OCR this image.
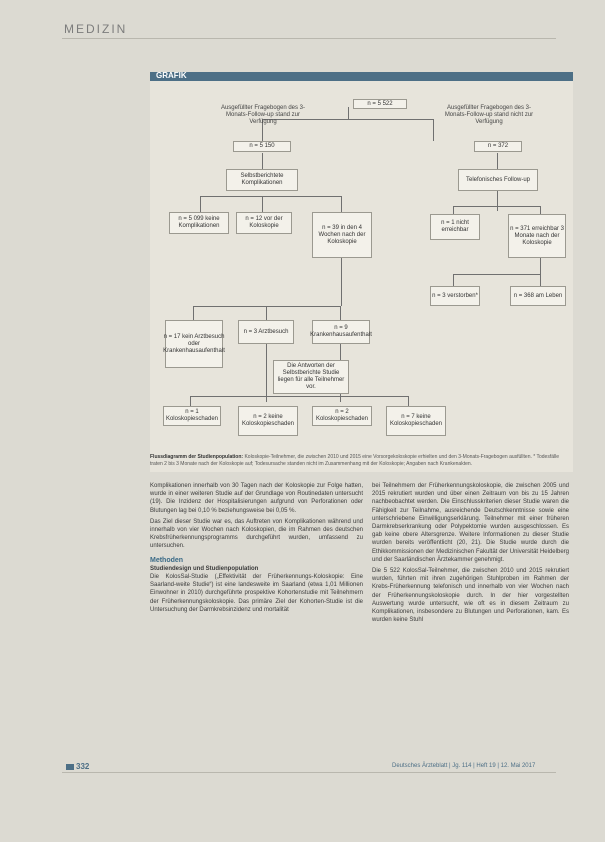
MEDIZIN
GRAFIK
n = 5 522
Ausgefüllter Fragebogen des 3-Monats-Follow-up stand zur Verfügung
Ausgefüllter Fragebogen des 3-Monats-Follow-up stand nicht zur Verfügung
n = 5 150	n = 372
Selbstberichtete Komplikationen
Telefonisches Follow-up
n = 5 099 keine Komplikationen
n = 12 vor der Koloskopie	n = 39 in den 4 Wochen nach der Koloskopie
n = 1 nicht erreichbar	n = 371 erreichbar 3 Monate nach der Koloskopie
n = 3 verstorben*	n = 368 am Leben
n = 17 kein Arztbesuch oder Krankenhausaufenthalt
n = 3 Arztbesuch
n = 9 Krankenhausaufenthalt
Die Antworten der Selbstberichte Studie liegen für alle Teilnehmer vor.
n = 1 Koloskopieschaden	n = 2 keine Koloskopieschaden
n = 2 Koloskopieschaden	n = 7 keine Koloskopieschaden
Flussdiagramm der Studienpopulation: Koloskopie-Teilnehmer, die zwischen 2010 und 2015 eine Vorsorgekoloskopie erhielten und den 3-Monats-Fragebogen ausfüllten. * Todesfälle traten 2 bis 3 Monate nach der Koloskopie auf; Todesursache standen nicht im Zusammenhang mit der Koloskopie; Angaben nach Krankenakten.

Komplikationen innerhalb von 30 Tagen nach der Koloskopie zur Folge hatten, wurde in einer weiteren Studie auf der Grundlage von Routinedaten untersucht (19). Die Inzidenz der Hospitalisierungen aufgrund von Perforationen oder Blutungen lag bei 0,10 % beziehungsweise bei 0,05 %.

Das Ziel dieser Studie war es, das Auftreten von Komplikationen während und innerhalb von vier Wochen nach Koloskopien, die im Rahmen des deutschen Krebsfrüherkennungsprogramms durchgeführt wurden, umfassend zu untersuchen.

Methoden
Studiendesign und Studienpopulation

Die KolosSal-Studie („Effektivität der Früherkennungs-Koloskopie: Eine Saarland-weite Studie“) ist eine landesweite im Saarland (etwa 1,01 Millionen Einwohner in 2010) durchgeführte prospektive Kohortenstudie mit Teilnehmern der Früherkennungskoloskopie. Das primäre Ziel der Kohorten-Studie ist die Untersuchung der Darmkrebsinzidenz und mortalität

bei Teilnehmern der Früherkennungskoloskopie, die zwischen 2005 und 2015 rekrutiert wurden und über einen Zeitraum von bis zu 15 Jahren nachbeobachtet werden. Die Einschlusskriterien dieser Studie waren die Fähigkeit zur Teilnahme, ausreichende Deutschkenntnisse sowie eine unterschriebene Einwilligungserklärung. Teilnehmer mit einer früheren Darmkrebserkrankung oder Polypektomie wurden ausgeschlossen. Es gab keine obere Altersgrenze. Weitere Informationen zu dieser Studie wurden bereits veröffentlicht (20, 21). Die Studie wurde durch die Ethikkommissionen der Medizinischen Fakultät der Universität Heidelberg und der Saarländischen Ärztekammer genehmigt.

Die 5 522 KolosSal-Teilnehmer, die zwischen 2010 und 2015 rekrutiert wurden, führten mit ihren zugehörigen Stuhlproben im Rahmen der Krebs-Früherkennung telefonisch und innerhalb von vier Wochen nach der Früherkennungskoloskopie durch. In der hier vorgestellten Auswertung wurde untersucht, wie oft es in diesem Zeitraum zu Komplikationen, insbesondere zu Blutungen und Perforationen, kam. Es wurden keine Stuhl

332	Deutsches Ärzteblatt | Jg. 114 | Heft 19 | 12. Mai 2017
